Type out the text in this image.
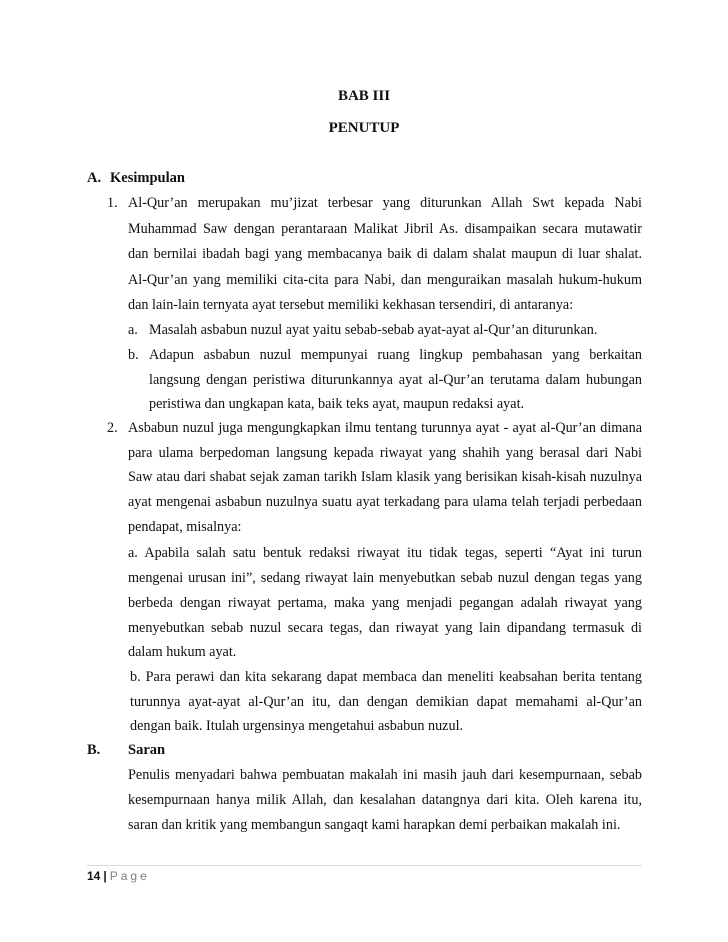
BAB III
PENUTUP
A. Kesimpulan
1. Al-Qur’an merupakan mu’jizat terbesar yang diturunkan Allah Swt kepada Nabi
Muhammad Saw dengan perantaraan Malikat Jibril As. disampaikan secara mutawatir
dan bernilai ibadah bagi yang membacanya baik di dalam shalat maupun di luar shalat.
Al-Qur’an yang memiliki cita-cita para Nabi, dan menguraikan masalah hukum-hukum
dan lain-lain ternyata ayat tersebut memiliki kekhasan tersendiri, di antaranya:
a. Masalah asbabun nuzul ayat yaitu sebab-sebab ayat-ayat al-Qur’an diturunkan.
b. Adapun asbabun nuzul mempunyai ruang lingkup pembahasan yang berkaitan
langsung dengan peristiwa diturunkannya ayat al-Qur’an terutama dalam hubungan
peristiwa dan ungkapan kata, baik teks ayat, maupun redaksi ayat.
2. Asbabun nuzul juga mengungkapkan ilmu tentang turunnya ayat - ayat al-Qur’an dimana
para ulama berpedoman langsung kepada riwayat yang shahih yang berasal dari Nabi
Saw atau dari shabat sejak zaman tarikh Islam klasik yang berisikan kisah-kisah nuzulnya
ayat mengenai asbabun nuzulnya suatu ayat terkadang para ulama telah terjadi perbedaan
pendapat, misalnya:
a. Apabila salah satu bentuk redaksi riwayat itu tidak tegas, seperti “Ayat ini turun
mengenai urusan ini”, sedang riwayat lain menyebutkan sebab nuzul dengan tegas yang
berbeda dengan riwayat pertama, maka yang menjadi pegangan adalah riwayat yang
menyebutkan sebab nuzul secara tegas, dan riwayat yang lain dipandang termasuk di
dalam hukum ayat.
b. Para perawi dan kita sekarang dapat membaca dan meneliti keabsahan berita tentang
turunnya ayat-ayat al-Qur’an itu, dan dengan demikian dapat memahami al-Qur’an
dengan baik. Itulah urgensinya mengetahui asbabun nuzul.
B. Saran
Penulis menyadari bahwa pembuatan makalah ini masih jauh dari kesempurnaan, sebab
kesempurnaan hanya milik Allah, dan kesalahan datangnya dari kita. Oleh karena itu,
saran dan kritik yang membangun sangaqt kami harapkan demi perbaikan makalah ini.
14 | Page
